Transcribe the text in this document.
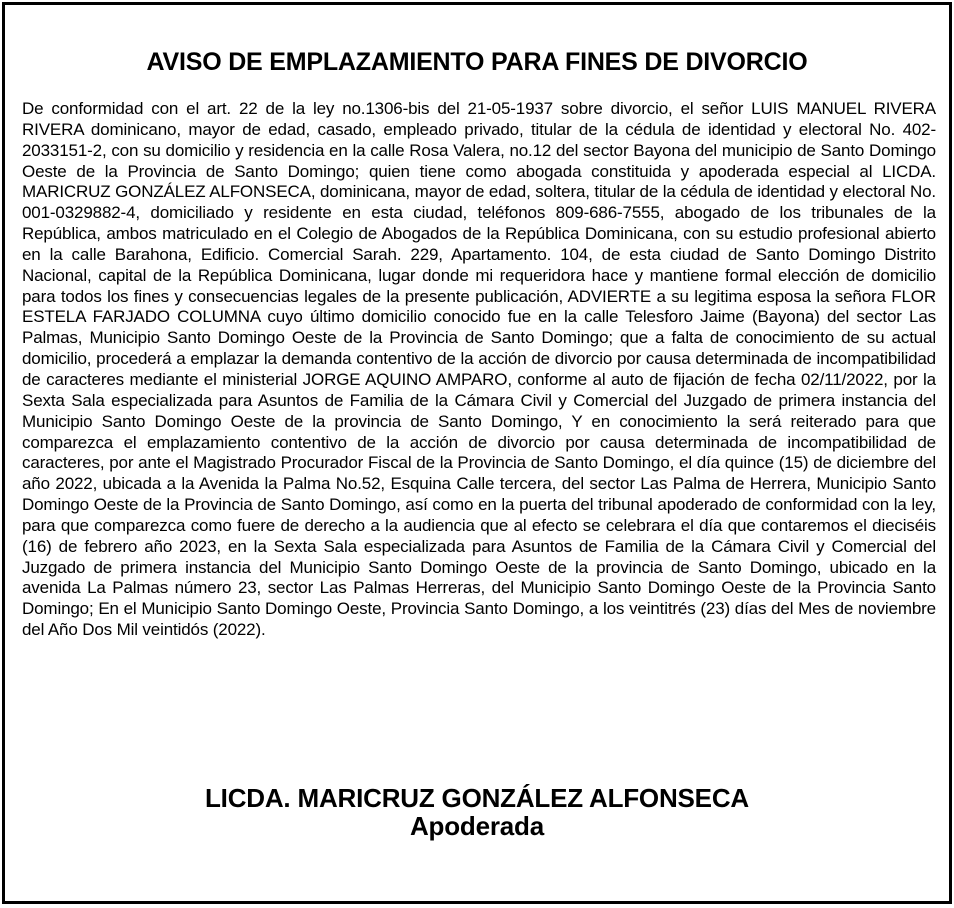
AVISO DE EMPLAZAMIENTO PARA FINES DE DIVORCIO

De conformidad con el art. 22 de la ley no.1306-bis del 21-05-1937 sobre divorcio, el señor LUIS MANUEL RIVERA RIVERA dominicano, mayor de edad, casado, empleado privado, titular de la cédula de identidad y electoral No. 402-2033151-2, con su domicilio y residencia en la calle Rosa Valera, no.12 del sector Bayona del municipio de Santo Domingo Oeste de la Provincia de Santo Domingo; quien tiene como abogada constituida y apoderada especial al LICDA. MARICRUZ GONZÁLEZ ALFONSECA, dominicana, mayor de edad, soltera, titular de la cédula de identidad y electoral No. 001-0329882-4, domiciliado y residente en esta ciudad, teléfonos 809-686-7555, abogado de los tribunales de la República, ambos matriculado en el Colegio de Abogados de la República Dominicana, con su estudio profesional abierto en la calle Barahona, Edificio. Comercial Sarah. 229, Apartamento. 104, de esta ciudad de Santo Domingo Distrito Nacional, capital de la República Dominicana, lugar donde mi requeridora hace y mantiene formal elección de domicilio para todos los fines y consecuencias legales de la presente publicación, ADVIERTE a su legitima esposa la señora FLOR ESTELA FARJADO COLUMNA cuyo último domicilio conocido fue en la calle Telesforo Jaime (Bayona) del sector Las Palmas, Municipio Santo Domingo Oeste de la Provincia de Santo Domingo; que a falta de conocimiento de su actual domicilio, procederá a emplazar la demanda contentivo de la acción de divorcio por causa determinada de incompatibilidad de caracteres mediante el ministerial JORGE AQUINO AMPARO, conforme al auto de fijación de fecha 02/11/2022, por la Sexta Sala especializada para Asuntos de Familia de la Cámara Civil y Comercial del Juzgado de primera instancia del Municipio Santo Domingo Oeste de la provincia de Santo Domingo, Y en conocimiento la será reiterado para que comparezca el emplazamiento contentivo de la acción de divorcio por causa determinada de incompatibilidad de caracteres, por ante el Magistrado Procurador Fiscal de la Provincia de Santo Domingo, el día quince (15) de diciembre del año 2022, ubicada a la Avenida la Palma No.52, Esquina Calle tercera, del sector Las Palma de Herrera, Municipio Santo Domingo Oeste de la Provincia de Santo Domingo, así como en la puerta del tribunal apoderado de conformidad con la ley, para que comparezca como fuere de derecho a la audiencia que al efecto se celebrara el día que contaremos el dieciséis (16) de febrero año 2023, en la Sexta Sala especializada para Asuntos de Familia de la Cámara Civil y Comercial del Juzgado de primera instancia del Municipio Santo Domingo Oeste de la provincia de Santo Domingo, ubicado en la avenida La Palmas número 23, sector Las Palmas Herreras, del Municipio Santo Domingo Oeste de la Provincia Santo Domingo; En el Municipio Santo Domingo Oeste, Provincia Santo Domingo, a los veintitrés (23) días del Mes de noviembre del Año Dos Mil veintidós (2022).

LICDA. MARICRUZ GONZÁLEZ ALFONSECA
Apoderada
